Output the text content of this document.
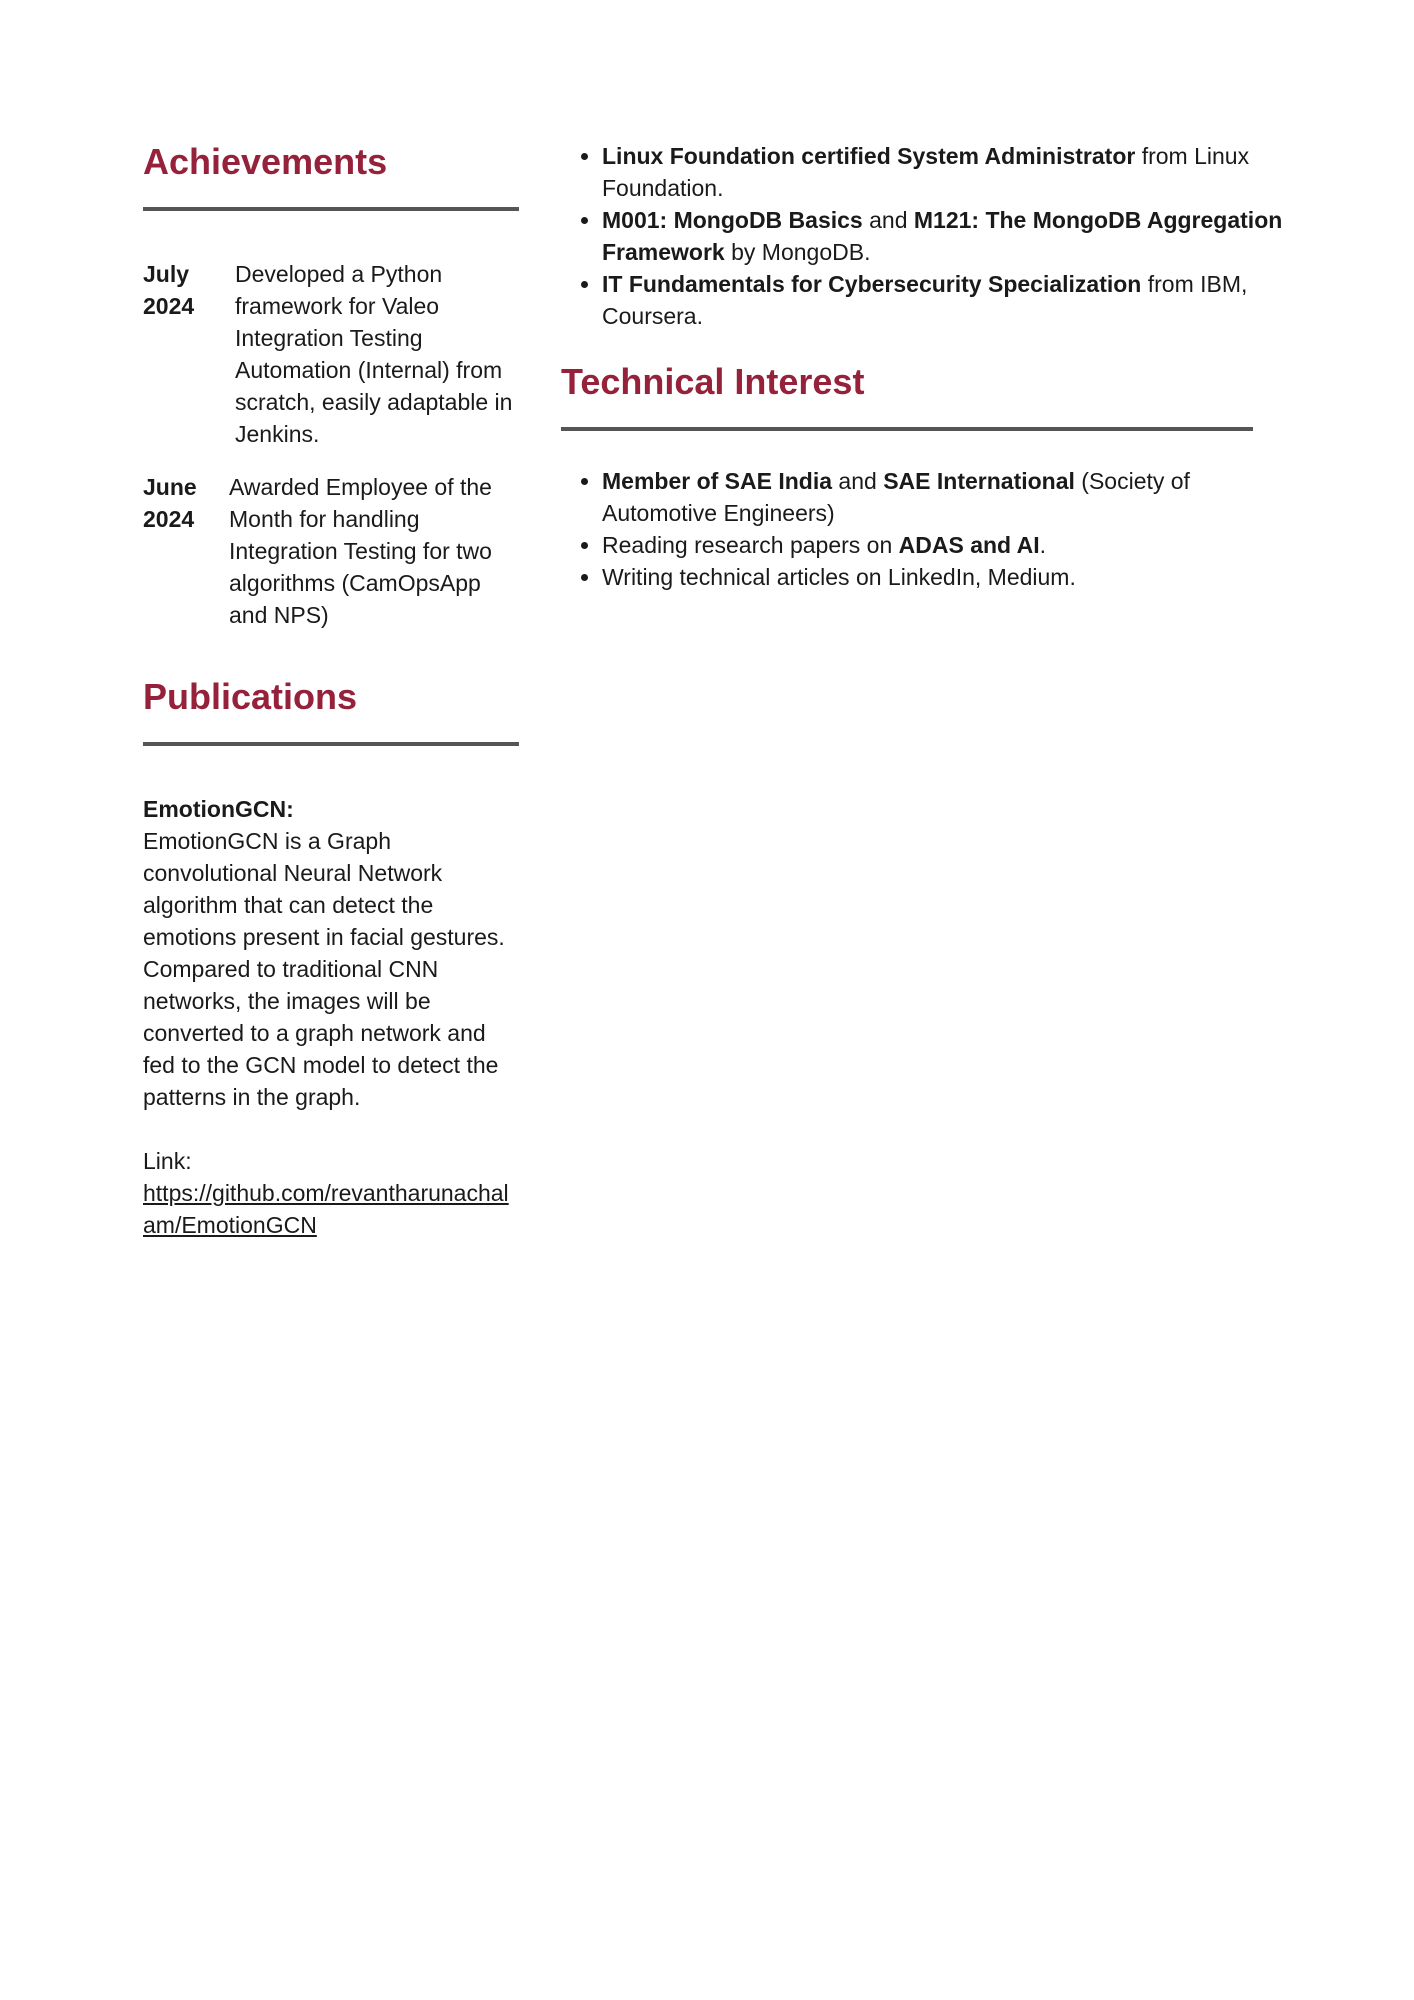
Achievements
July
2024
Developed a Python framework for Valeo Integration Testing Automation (Internal) from scratch, easily adaptable in Jenkins.
June
2024
Awarded Employee of the Month for handling Integration Testing for two algorithms (CamOpsApp and NPS)
Publications
EmotionGCN:
EmotionGCN is a Graph convolutional Neural Network algorithm that can detect the emotions present in facial gestures. Compared to traditional CNN networks, the images will be converted to a graph network and fed to the GCN model to detect the patterns in the graph.
Link:
https://github.com/revantharunachalam/EmotionGCN
• Linux Foundation certified System Administrator from Linux Foundation.
• M001: MongoDB Basics and M121: The MongoDB Aggregation Framework by MongoDB.
• IT Fundamentals for Cybersecurity Specialization from IBM, Coursera.
Technical Interest
• Member of SAE India and SAE International (Society of Automotive Engineers)
• Reading research papers on ADAS and AI.
• Writing technical articles on LinkedIn, Medium.
